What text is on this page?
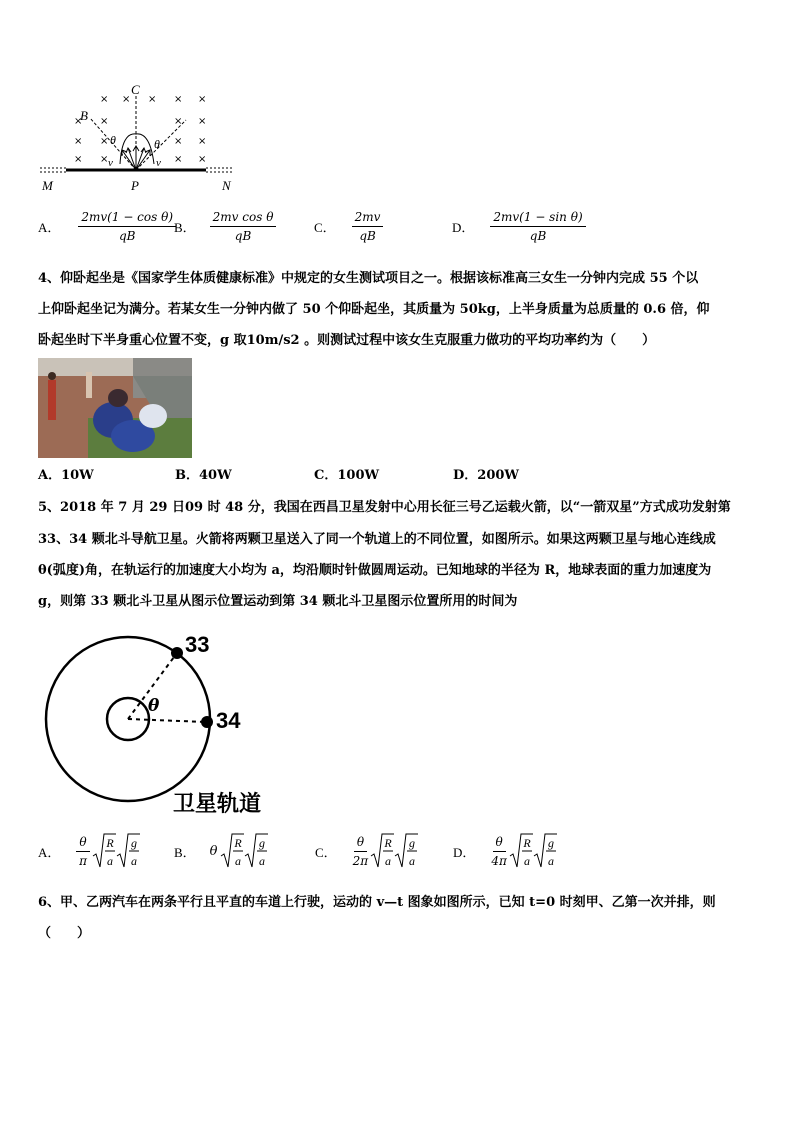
× × × × ×
× ×	× ×
× ×	× ×
× ×	× ×
C
B
θ	θ
v	v
M	P	N
A． $\frac{\text{2mv(1 − cos θ)}}{qB}$
B． $\frac{\text{2mv cos θ}}{qB}$	C． $\frac{2mv}{qB}$	D． $\frac{\text{2mv(1 − sin θ)}}{qB}$
4、仰卧起坐是《国家学生体质健康标准》中规定的女生测试项目之一。根据该标准高三女生一分钟内完成 55 个以
上仰卧起坐记为满分。若某女生一分钟内做了 50 个仰卧起坐，其质量为 50kg，上半身质量为总质量的 0.6 倍，仰
卧起坐时下半身重心位置不变，g 取10m/s2 。则测试过程中该女生克服重力做功的平均功率约为（　　）
A．10W	B．40W	C．100W	D．200W
5、2018 年 7 月 29 日09 时 48 分，我国在西昌卫星发射中心用长征三号乙运载火箭，以“一箭双星”方式成功发射第
33、34 颗北斗导航卫星。火箭将两颗卫星送入了同一个轨道上的不同位置，如图所示。如果这两颗卫星与地心连线成
θ(弧度)角，在轨运行的加速度大小均为 a，均沿顺时针做圆周运动。已知地球的半径为 R，地球表面的重力加速度为
g，则第 33 颗北斗卫星从图示位置运动到第 34 颗北斗卫星图示位置所用的时间为
33
34
θ
卫星轨道
A． $\frac{\theta}{\pi}$ R
a
g
a
B． θ
R
a
g
a
C． $\frac{\theta}{2\pi}$ R
a
g
a
D． $\frac{\theta}{4\pi}$ R
a
g
a
6、甲、乙两汽车在两条平行且平直的车道上行驶，运动的 v—t 图象如图所示，已知 t=0 时刻甲、乙第一次并排，则
（　　）
